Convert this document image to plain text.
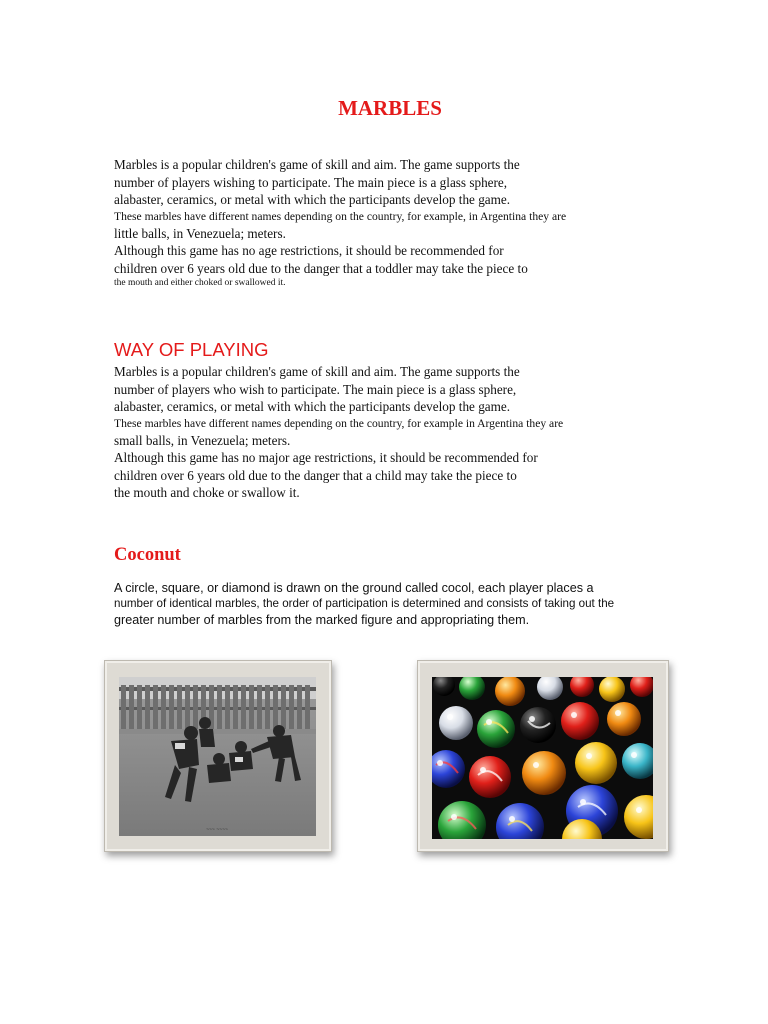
MARBLES
Marbles is a popular children's game of skill and aim. The game supports the
number of players wishing to participate. The main piece is a glass sphere,
alabaster, ceramics, or metal with which the participants develop the game.
These marbles have different names depending on the country, for example, in Argentina they are
little balls, in Venezuela; meters.
Although this game has no age restrictions, it should be recommended for
children over 6 years old due to the danger that a toddler may take the piece to
the mouth and either choked or swallowed it.
WAY OF PLAYING
Marbles is a popular children's game of skill and aim. The game supports the
number of players who wish to participate. The main piece is a glass sphere,
alabaster, ceramics, or metal with which the participants develop the game.
These marbles have different names depending on the country, for example in Argentina they are
small balls, in Venezuela; meters.
Although this game has no major age restrictions, it should be recommended for
children over 6 years old due to the danger that a child may take the piece to
the mouth and choke or swallow it.
Coconut
A circle, square, or diamond is drawn on the ground called cocol, each player places a
number of identical marbles, the order of participation is determined and consists of taking out the
greater number of marbles from the marked figure and appropriating them.
~~~ ~~~~
